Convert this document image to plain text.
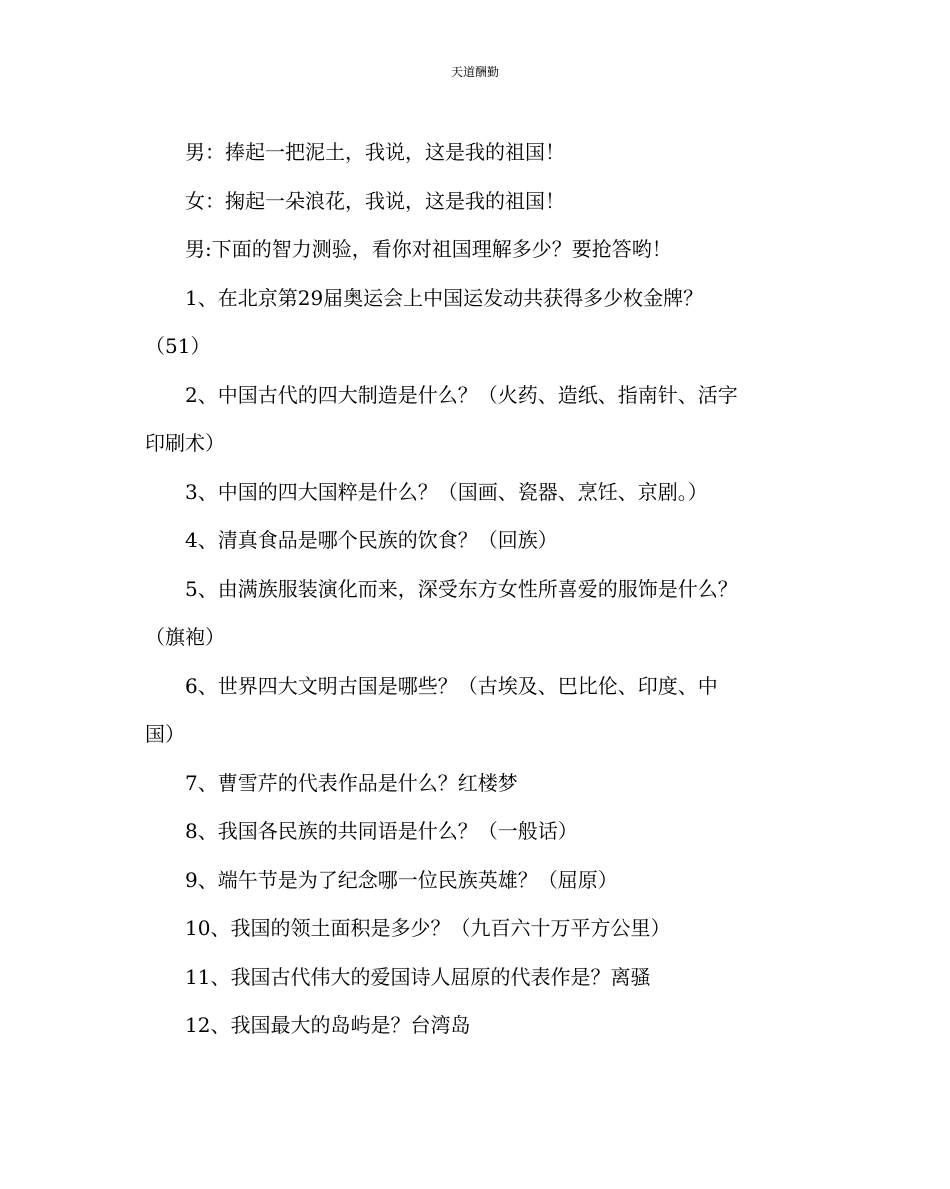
天道酬勤

男：捧起一把泥土，我说，这是我的祖国！

女：掬起一朵浪花，我说，这是我的祖国！

男:下面的智力测验，看你对祖国理解多少？要抢答哟！

1、在北京第29届奥运会上中国运发动共获得多少枚金牌？

（51）

2、中国古代的四大制造是什么？（火药、造纸、指南针、活字

印刷术）

3、中国的四大国粹是什么？（国画、瓷器、烹饪、京剧。）

4、清真食品是哪个民族的饮食？（回族）

5、由满族服装演化而来，深受东方女性所喜爱的服饰是什么？

（旗袍）

6、世界四大文明古国是哪些？（古埃及、巴比伦、印度、中

国）

7、曹雪芹的代表作品是什么？红楼梦

8、我国各民族的共同语是什么？（一般话）

9、端午节是为了纪念哪一位民族英雄？（屈原）

10、我国的领土面积是多少？（九百六十万平方公里）

11、我国古代伟大的爱国诗人屈原的代表作是？离骚

12、我国最大的岛屿是？台湾岛
